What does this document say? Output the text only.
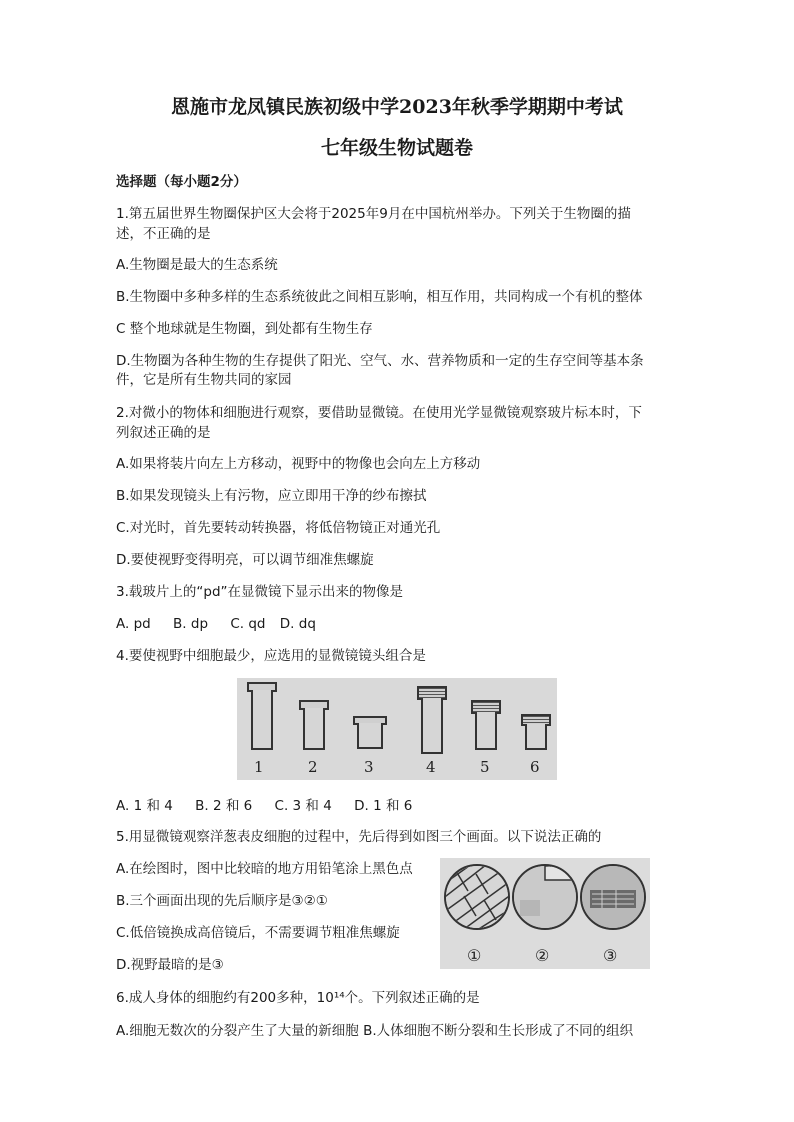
恩施市龙凤镇民族初级中学2023年秋季学期期中考试
七年级生物试题卷
选择题（每小题2分）
1.第五届世界生物圈保护区大会将于2025年9月在中国杭州举办。下列关于生物圈的描
述，不正确的是
A.生物圈是最大的生态系统
B.生物圈中多种多样的生态系统彼此之间相互影响，相互作用，共同构成一个有机的整体
C 整个地球就是生物圈，到处都有生物生存
D.生物圈为各种生物的生存提供了阳光、空气、水、营养物质和一定的生存空间等基本条
件，它是所有生物共同的家园
2.对微小的物体和细胞进行观察，要借助显微镜。在使用光学显微镜观察玻片标本时，下
列叙述正确的是
A.如果将装片向左上方移动，视野中的物像也会向左上方移动
B.如果发现镜头上有污物，应立即用干净的纱布擦拭
C.对光时，首先要转动转换器，将低倍物镜正对通光孔
D.要使视野变得明亮，可以调节细准焦螺旋
3.载玻片上的“pd”在显微镜下显示出来的物像是
A. pd B. dp C. qd D. dq
4.要使视野中细胞最少，应选用的显微镜镜头组合是
1	2	3	4	5	6
A. 1 和 4 B. 2 和 6 C. 3 和 4 D. 1 和 6
5.用显微镜观察洋葱表皮细胞的过程中，先后得到如图三个画面。以下说法正确的
A.在绘图时，图中比较暗的地方用铅笔涂上黑色点
B.三个画面出现的先后顺序是③②①
C.低倍镜换成高倍镜后，不需要调节粗准焦螺旋
D.视野最暗的是③	①	②	③
6.成人身体的细胞约有200多种，10¹⁴个。下列叙述正确的是
A.细胞无数次的分裂产生了大量的新细胞 B.人体细胞不断分裂和生长形成了不同的组织
